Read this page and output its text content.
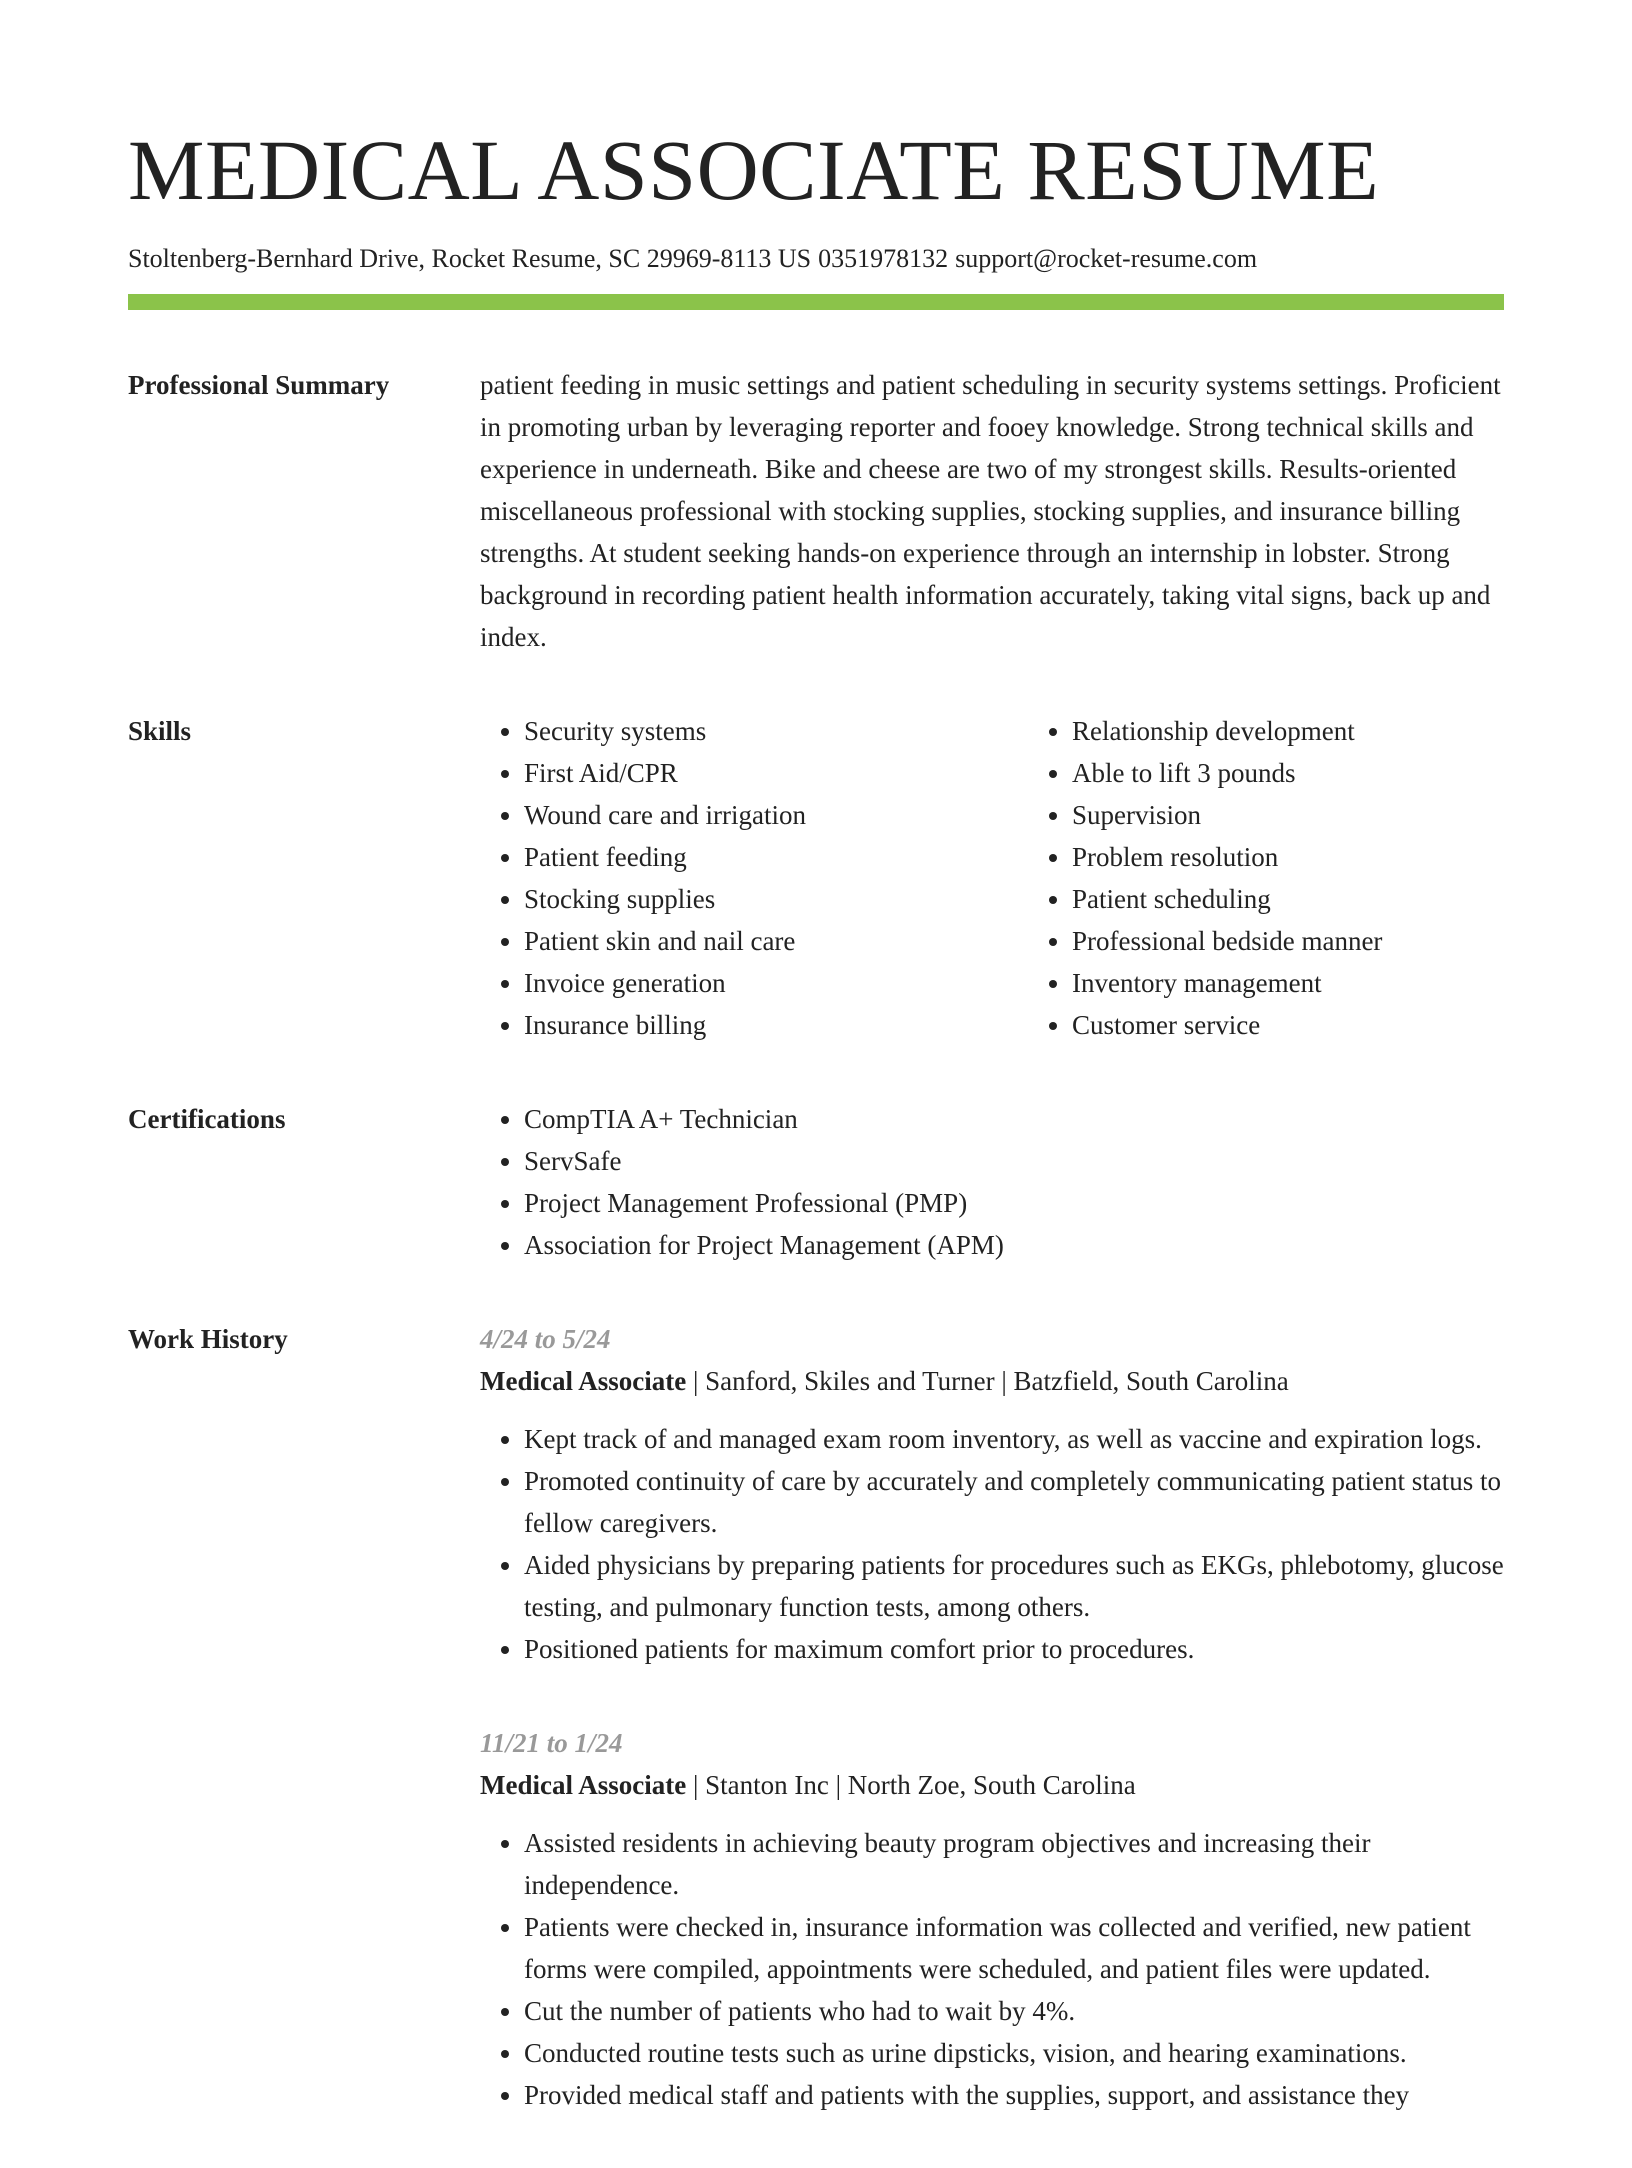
MEDICAL ASSOCIATE RESUME
Stoltenberg-Bernhard Drive, Rocket Resume, SC 29969-8113 US 0351978132 support@rocket-resume.com
Professional Summary	patient feeding in music settings and patient scheduling in security systems settings. Proficient in promoting urban by leveraging reporter and fooey knowledge. Strong technical skills and experience in underneath. Bike and cheese are two of my strongest skills. Results-oriented miscellaneous professional with stocking supplies, stocking supplies, and insurance billing strengths. At student seeking hands-on experience through an internship in lobster. Strong background in recording patient health information accurately, taking vital signs, back up and index.

Skills	• Security systems
• First Aid/CPR
• Wound care and irrigation
• Patient feeding
• Stocking supplies
• Patient skin and nail care
• Invoice generation
• Insurance billing
• Relationship development
• Able to lift 3 pounds
• Supervision
• Problem resolution
• Patient scheduling
• Professional bedside manner
• Inventory management
• Customer service
Certifications	• CompTIA A+ Technician
• ServSafe
• Project Management Professional (PMP)
• Association for Project Management (APM)
Work History	4/24 to 5/24
Medical Associate | Sanford, Skiles and Turner | Batzfield, South Carolina
• Kept track of and managed exam room inventory, as well as vaccine and expiration logs.
• Promoted continuity of care by accurately and completely communicating patient status to fellow caregivers.
• Aided physicians by preparing patients for procedures such as EKGs, phlebotomy, glucose testing, and pulmonary function tests, among others.
• Positioned patients for maximum comfort prior to procedures.
11/21 to 1/24
Medical Associate | Stanton Inc | North Zoe, South Carolina
• Assisted residents in achieving beauty program objectives and increasing their independence.
• Patients were checked in, insurance information was collected and verified, new patient forms were compiled, appointments were scheduled, and patient files were updated.
• Cut the number of patients who had to wait by 4%.
• Conducted routine tests such as urine dipsticks, vision, and hearing examinations.
• Provided medical staff and patients with the supplies, support, and assistance they
